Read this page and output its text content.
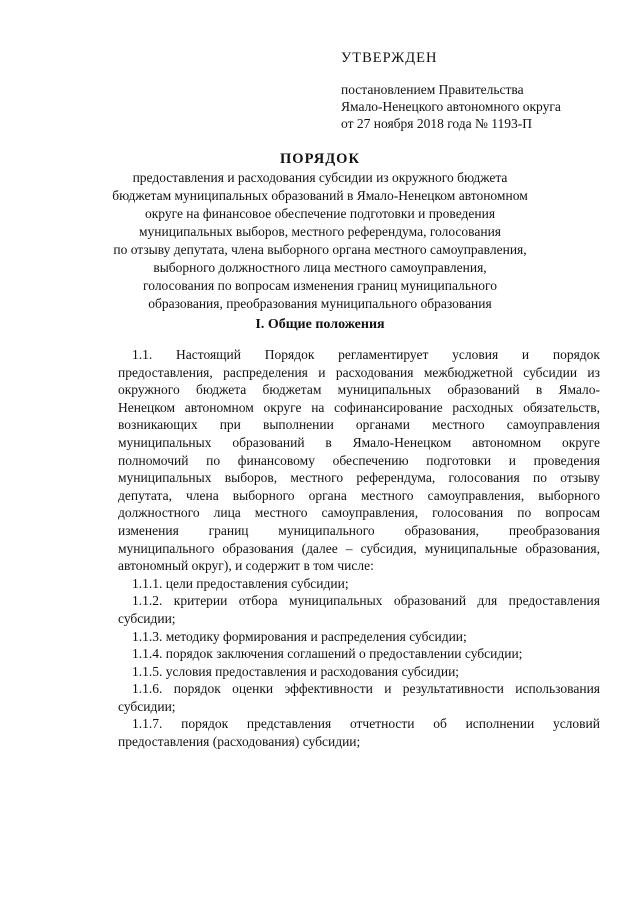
УТВЕРЖДЕН
постановлением Правительства
Ямало-Ненецкого автономного округа
от 27 ноября 2018 года № 1193-П
ПОРЯДОК
предоставления и расходования субсидии из окружного бюджета
бюджетам муниципальных образований в Ямало-Ненецком автономном
округе на финансовое обеспечение подготовки и проведения
муниципальных выборов, местного референдума, голосования
по отзыву депутата, члена выборного органа местного самоуправления,
выборного должностного лица местного самоуправления,
голосования по вопросам изменения границ муниципального
образования, преобразования муниципального образования
I. Общие положения
1.1. Настоящий Порядок регламентирует условия и порядок
предоставления, распределения и расходования межбюджетной субсидии из
окружного бюджета бюджетам муниципальных образований в Ямало-
Ненецком автономном округе на софинансирование расходных обязательств,
возникающих при выполнении органами местного самоуправления
муниципальных образований в Ямало-Ненецком автономном округе
полномочий по финансовому обеспечению подготовки и проведения
муниципальных выборов, местного референдума, голосования по отзыву
депутата, члена выборного органа местного самоуправления, выборного
должностного лица местного самоуправления, голосования по вопросам
изменения границ муниципального образования, преобразования
муниципального образования (далее – субсидия, муниципальные образования,
автономный округ), и содержит в том числе:
1.1.1. цели предоставления субсидии;
1.1.2. критерии отбора муниципальных образований для предоставления
субсидии;
1.1.3. методику формирования и распределения субсидии;
1.1.4. порядок заключения соглашений о предоставлении субсидии;
1.1.5. условия предоставления и расходования субсидии;
1.1.6. порядок оценки эффективности и результативности использования
субсидии;
1.1.7. порядок представления отчетности об исполнении условий
предоставления (расходования) субсидии;
